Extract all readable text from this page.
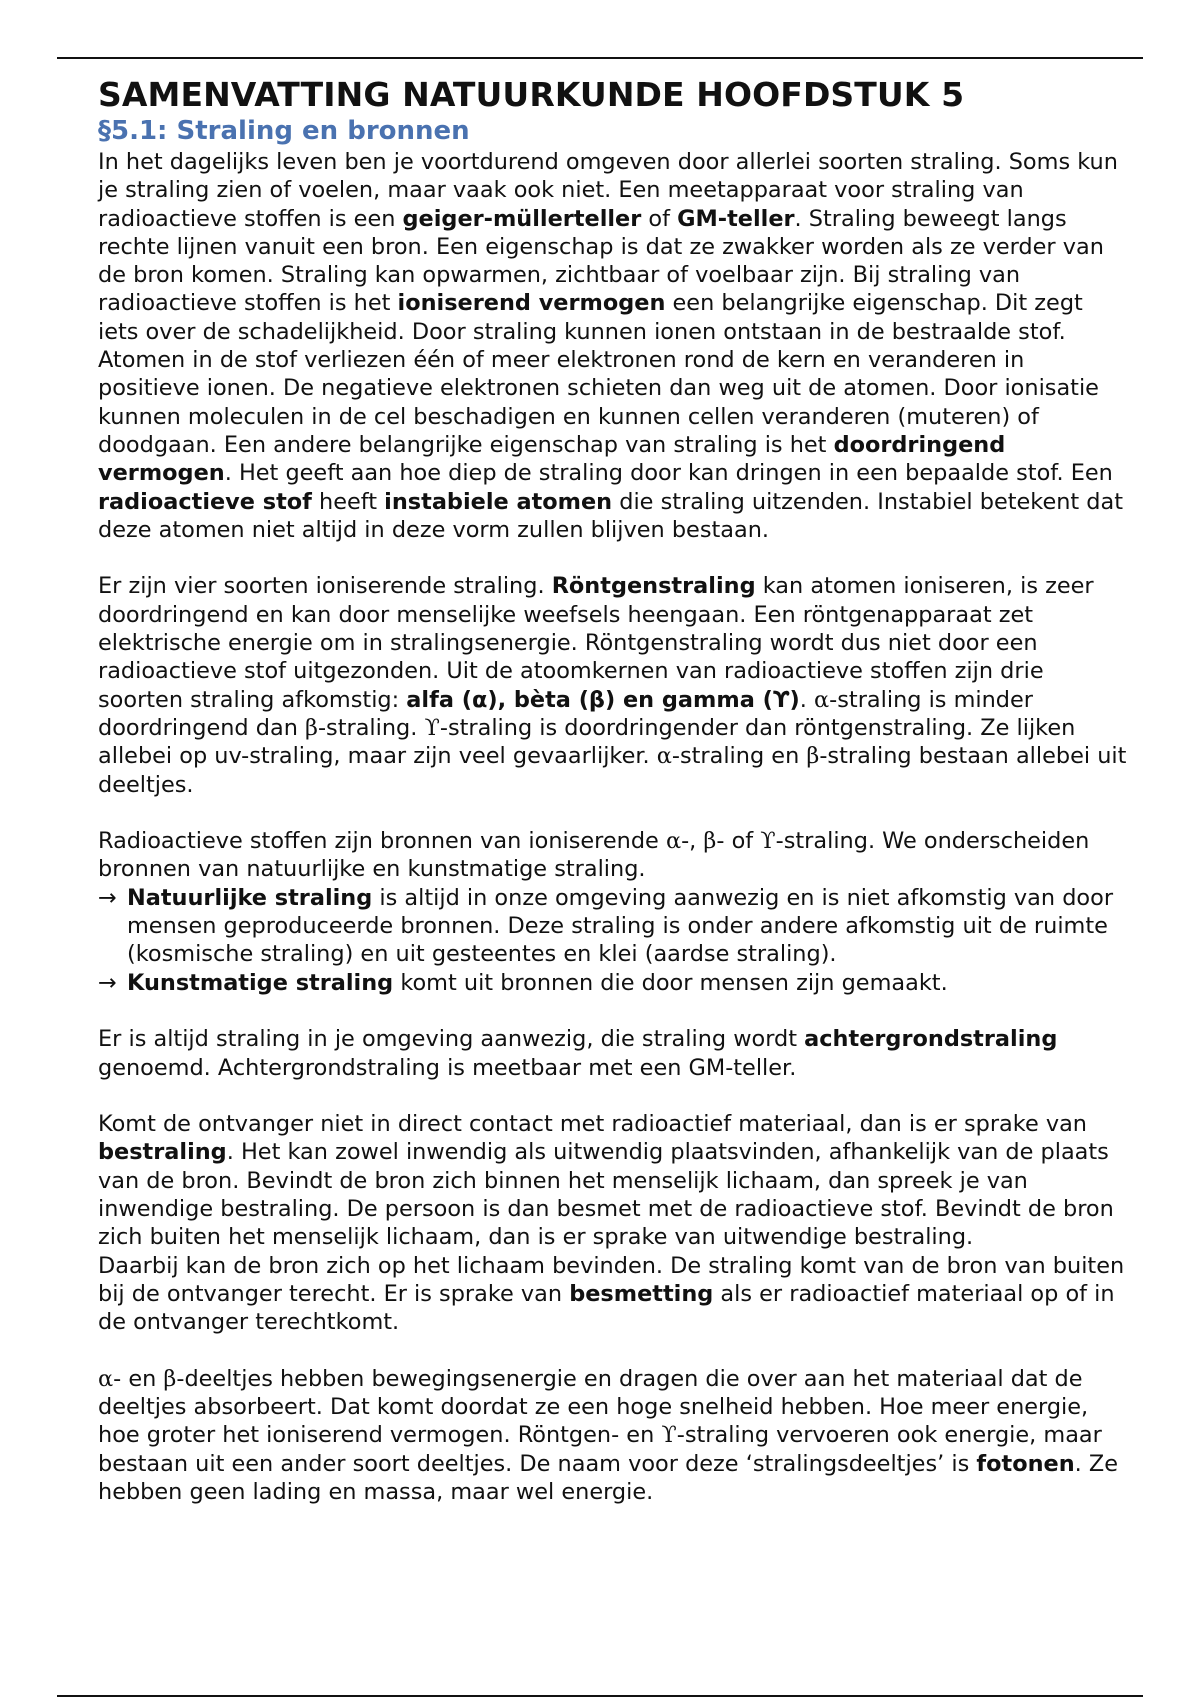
SAMENVATTING NATUURKUNDE HOOFDSTUK 5
§5.1: Straling en bronnen

In het dagelijks leven ben je voortdurend omgeven door allerlei soorten straling. Soms kun je straling zien of voelen, maar vaak ook niet. Een meetapparaat voor straling van radioactieve stoffen is een geiger-müllerteller of GM-teller. Straling beweegt langs rechte lijnen vanuit een bron. Een eigenschap is dat ze zwakker worden als ze verder van de bron komen. Straling kan opwarmen, zichtbaar of voelbaar zijn. Bij straling van radioactieve stoffen is het ioniserend vermogen een belangrijke eigenschap. Dit zegt iets over de schadelijkheid. Door straling kunnen ionen ontstaan in de bestraalde stof. Atomen in de stof verliezen één of meer elektronen rond de kern en veranderen in positieve ionen. De negatieve elektronen schieten dan weg uit de atomen. Door ionisatie kunnen moleculen in de cel beschadigen en kunnen cellen veranderen (muteren) of doodgaan. Een andere belangrijke eigenschap van straling is het doordringend vermogen. Het geeft aan hoe diep de straling door kan dringen in een bepaalde stof. Een radioactieve stof heeft instabiele atomen die straling uitzenden. Instabiel betekent dat deze atomen niet altijd in deze vorm zullen blijven bestaan.

Er zijn vier soorten ioniserende straling. Röntgenstraling kan atomen ioniseren, is zeer doordringend en kan door menselijke weefsels heengaan. Een röntgenapparaat zet elektrische energie om in stralingsenergie. Röntgenstraling wordt dus niet door een radioactieve stof uitgezonden. Uit de atoomkernen van radioactieve stoffen zijn drie soorten straling afkomstig: alfa (α), bèta (β) en gamma (ϒ). α-straling is minder doordringend dan β-straling. ϒ-straling is doordringender dan röntgenstraling. Ze lijken allebei op uv-straling, maar zijn veel gevaarlijker. α-straling en β-straling bestaan allebei uit deeltjes.

Radioactieve stoffen zijn bronnen van ioniserende α-, β- of ϒ-straling. We onderscheiden bronnen van natuurlijke en kunstmatige straling.

→ Natuurlijke straling is altijd in onze omgeving aanwezig en is niet afkomstig van door mensen geproduceerde bronnen. Deze straling is onder andere afkomstig uit de ruimte (kosmische straling) en uit gesteentes en klei (aardse straling).
→ Kunstmatige straling komt uit bronnen die door mensen zijn gemaakt.

Er is altijd straling in je omgeving aanwezig, die straling wordt achtergrondstraling genoemd. Achtergrondstraling is meetbaar met een GM-teller.

Komt de ontvanger niet in direct contact met radioactief materiaal, dan is er sprake van bestraling. Het kan zowel inwendig als uitwendig plaatsvinden, afhankelijk van de plaats van de bron. Bevindt de bron zich binnen het menselijk lichaam, dan spreek je van inwendige bestraling. De persoon is dan besmet met de radioactieve stof. Bevindt de bron zich buiten het menselijk lichaam, dan is er sprake van uitwendige bestraling.

Daarbij kan de bron zich op het lichaam bevinden. De straling komt van de bron van buiten bij de ontvanger terecht. Er is sprake van besmetting als er radioactief materiaal op of in de ontvanger terechtkomt.

α- en β-deeltjes hebben bewegingsenergie en dragen die over aan het materiaal dat de deeltjes absorbeert. Dat komt doordat ze een hoge snelheid hebben. Hoe meer energie, hoe groter het ioniserend vermogen. Röntgen- en ϒ-straling vervoeren ook energie, maar bestaan uit een ander soort deeltjes. De naam voor deze ‘stralingsdeeltjes’ is fotonen. Ze hebben geen lading en massa, maar wel energie.
